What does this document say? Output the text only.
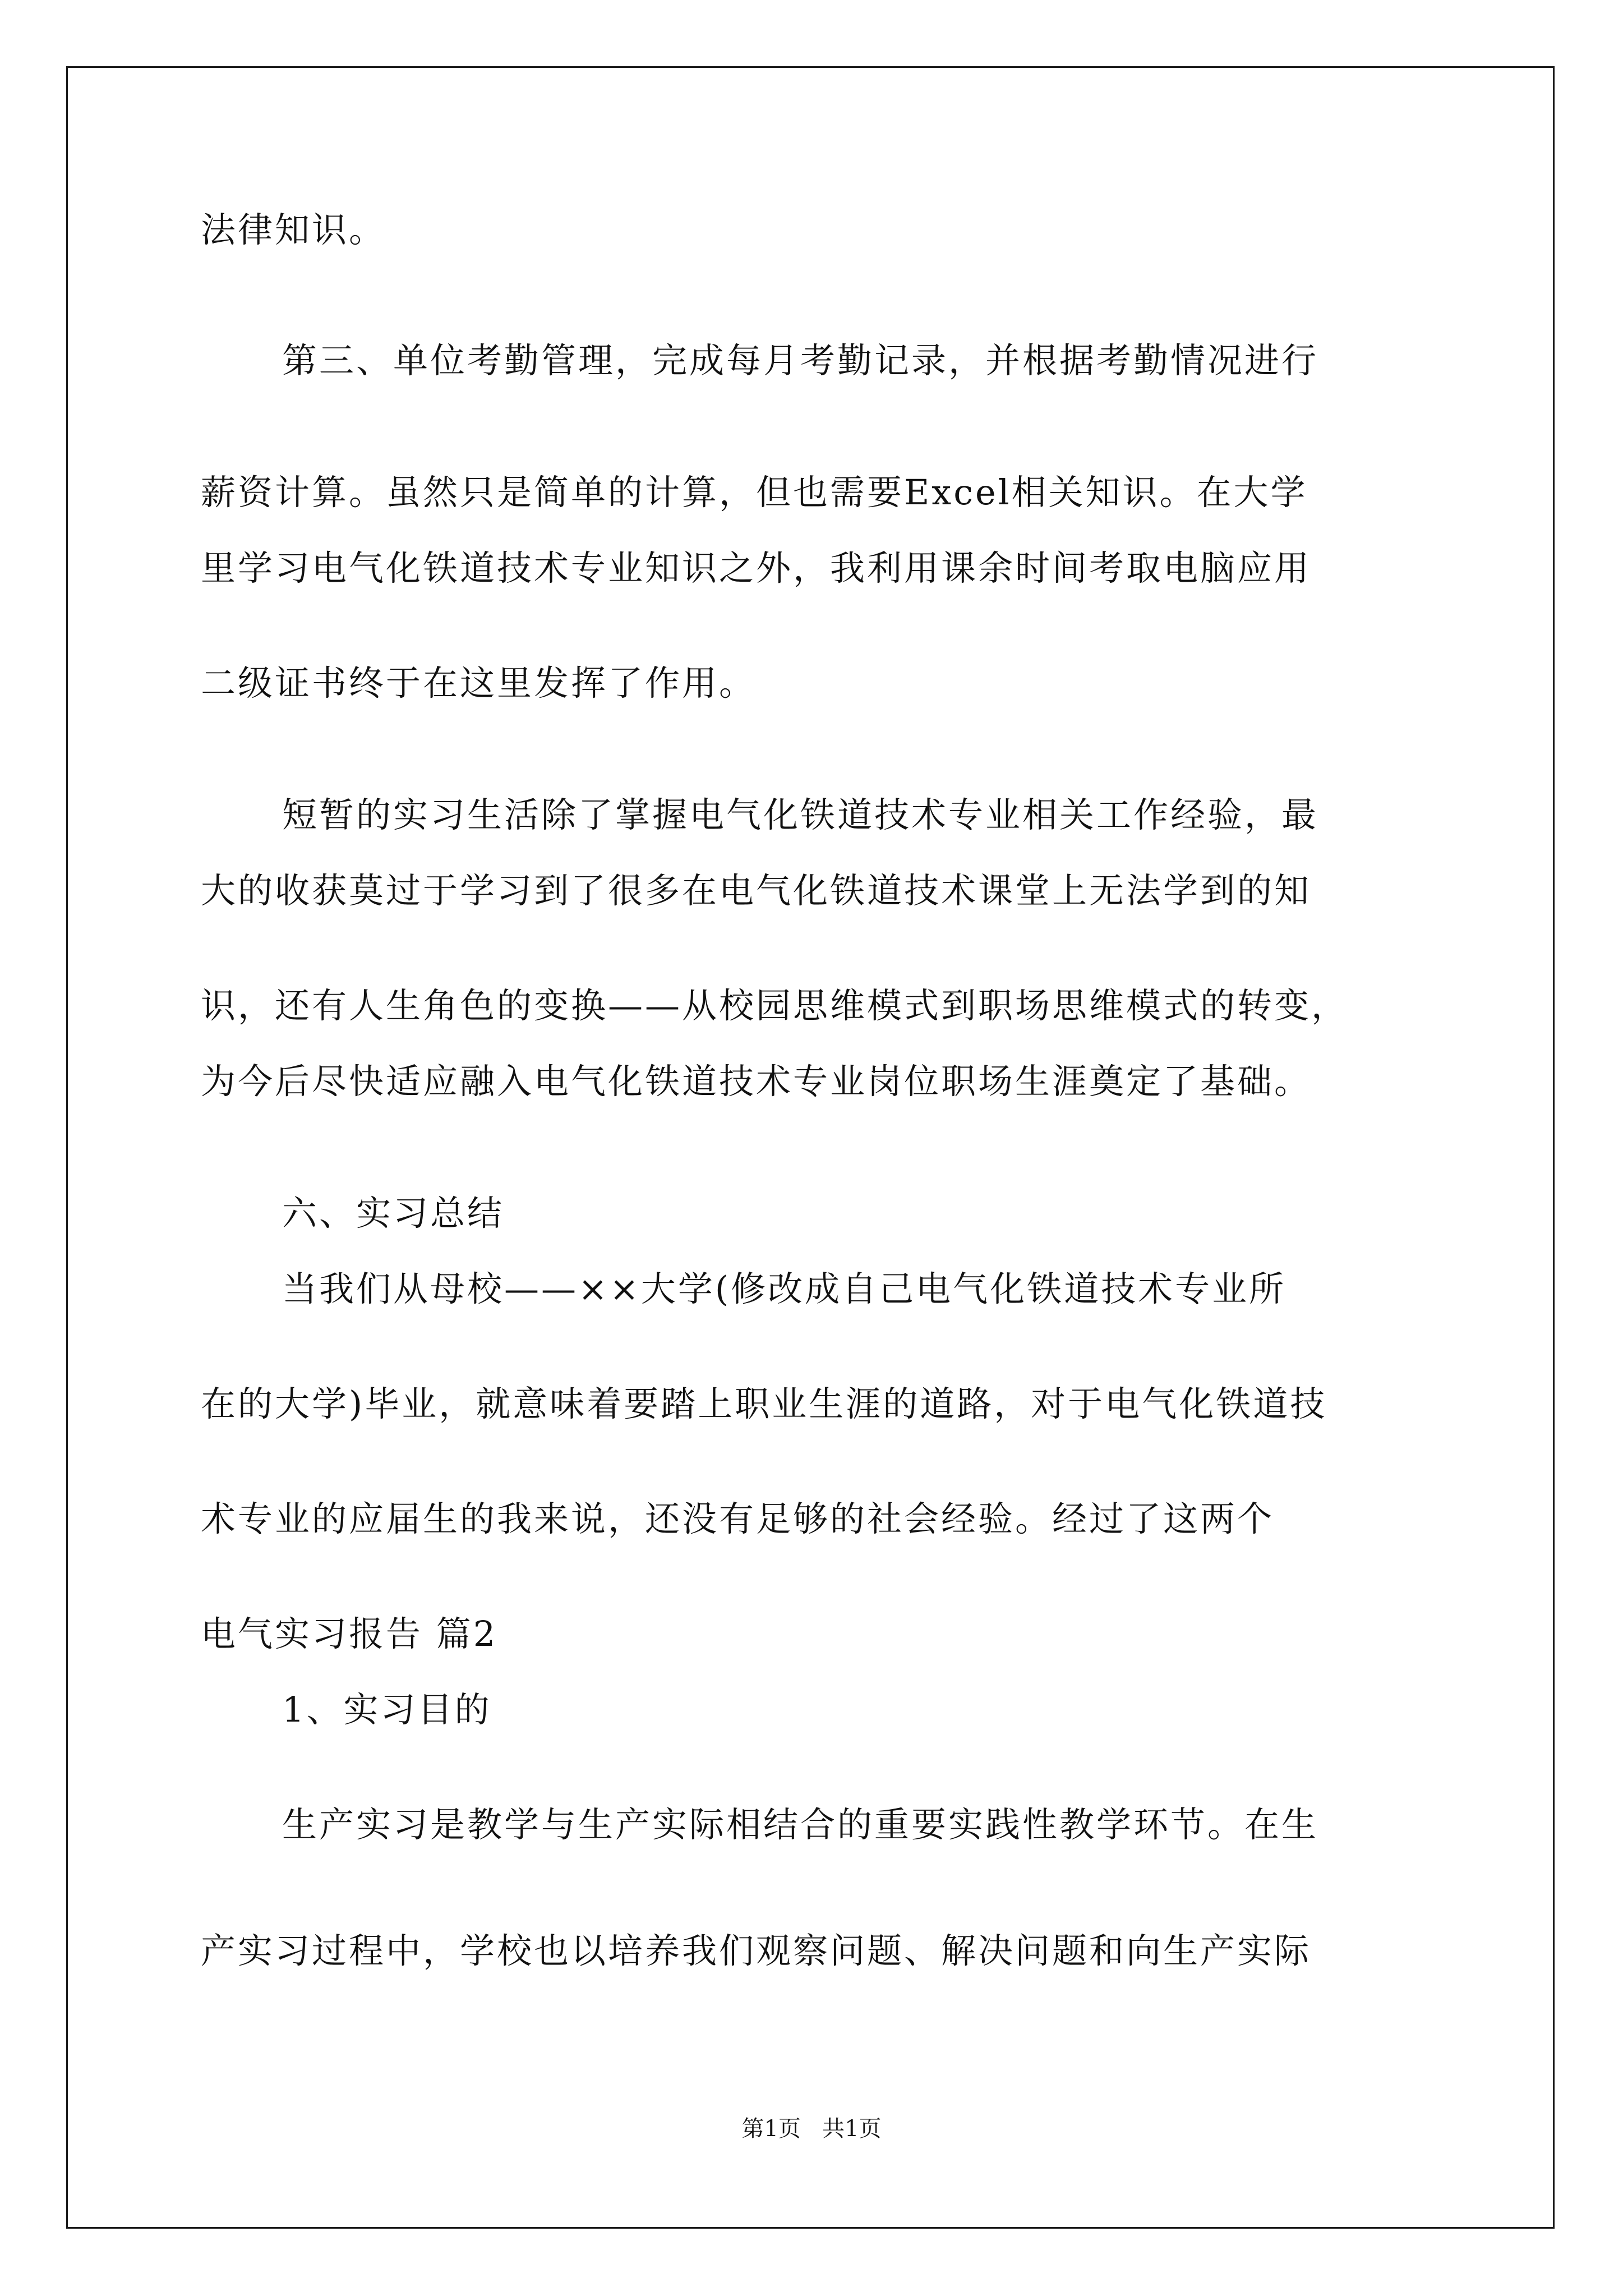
法律知识。
第三、单位考勤管理，完成每月考勤记录，并根据考勤情况进行
薪资计算。虽然只是简单的计算，但也需要Excel相关知识。在大学
里学习电气化铁道技术专业知识之外，我利用课余时间考取电脑应用
二级证书终于在这里发挥了作用。
短暂的实习生活除了掌握电气化铁道技术专业相关工作经验，最
大的收获莫过于学习到了很多在电气化铁道技术课堂上无法学到的知
识，还有人生角色的变换——从校园思维模式到职场思维模式的转变，
为今后尽快适应融入电气化铁道技术专业岗位职场生涯奠定了基础。
六、实习总结
当我们从母校——××大学(修改成自己电气化铁道技术专业所
在的大学)毕业，就意味着要踏上职业生涯的道路，对于电气化铁道技
术专业的应届生的我来说，还没有足够的社会经验。经过了这两个
电气实习报告 篇2
1、实习目的
生产实习是教学与生产实际相结合的重要实践性教学环节。在生
产实习过程中，学校也以培养我们观察问题、解决问题和向生产实际
第1页   共1页
